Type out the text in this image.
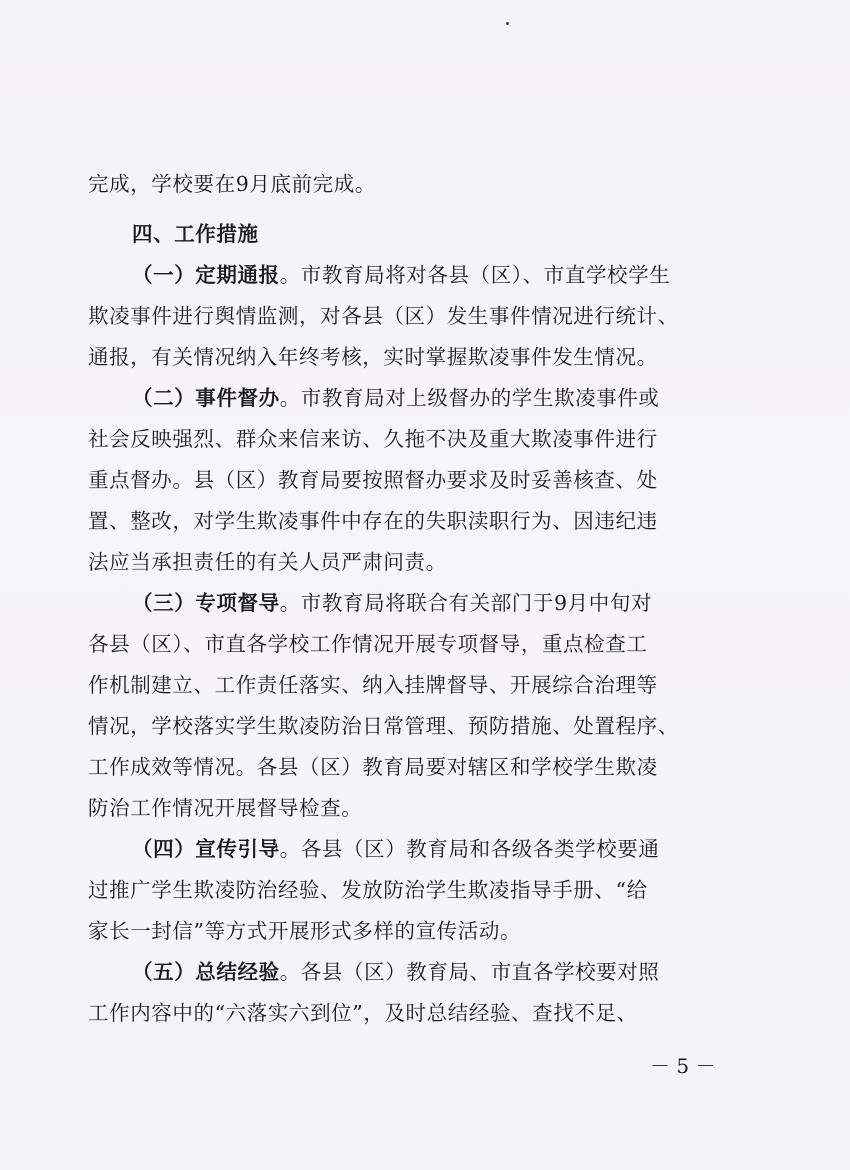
完成，学校要在9月底前完成。
四、工作措施
（一）定期通报。市教育局将对各县（区）、市直学校学生
欺凌事件进行舆情监测，对各县（区）发生事件情况进行统计、
通报，有关情况纳入年终考核，实时掌握欺凌事件发生情况。
（二）事件督办。市教育局对上级督办的学生欺凌事件或
社会反映强烈、群众来信来访、久拖不决及重大欺凌事件进行
重点督办。县（区）教育局要按照督办要求及时妥善核查、处
置、整改，对学生欺凌事件中存在的失职渎职行为、因违纪违
法应当承担责任的有关人员严肃问责。
（三）专项督导。市教育局将联合有关部门于9月中旬对
各县（区）、市直各学校工作情况开展专项督导，重点检查工
作机制建立、工作责任落实、纳入挂牌督导、开展综合治理等
情况，学校落实学生欺凌防治日常管理、预防措施、处置程序、
工作成效等情况。各县（区）教育局要对辖区和学校学生欺凌
防治工作情况开展督导检查。
（四）宣传引导。各县（区）教育局和各级各类学校要通
过推广学生欺凌防治经验、发放防治学生欺凌指导手册、“给
家长一封信”等方式开展形式多样的宣传活动。
（五）总结经验。各县（区）教育局、市直各学校要对照
工作内容中的“六落实六到位”，及时总结经验、查找不足、
－ 5 －
